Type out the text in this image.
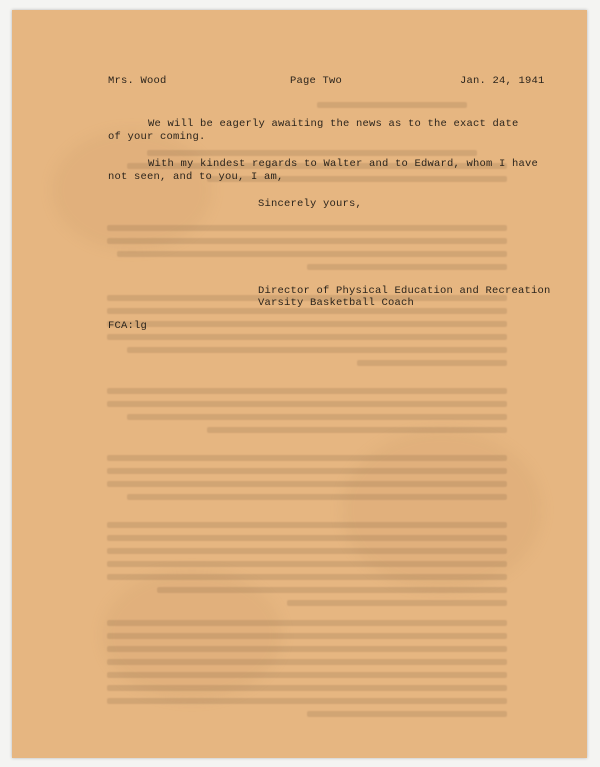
Mrs. Wood	Page Two	Jan. 24, 1941
We will be eagerly awaiting the news as to the exact date
of your coming.
With my kindest regards to Walter and to Edward, whom I have
not seen, and to you, I am,
Sincerely yours,
Director of Physical Education and Recreation
Varsity Basketball Coach
FCA:lg
